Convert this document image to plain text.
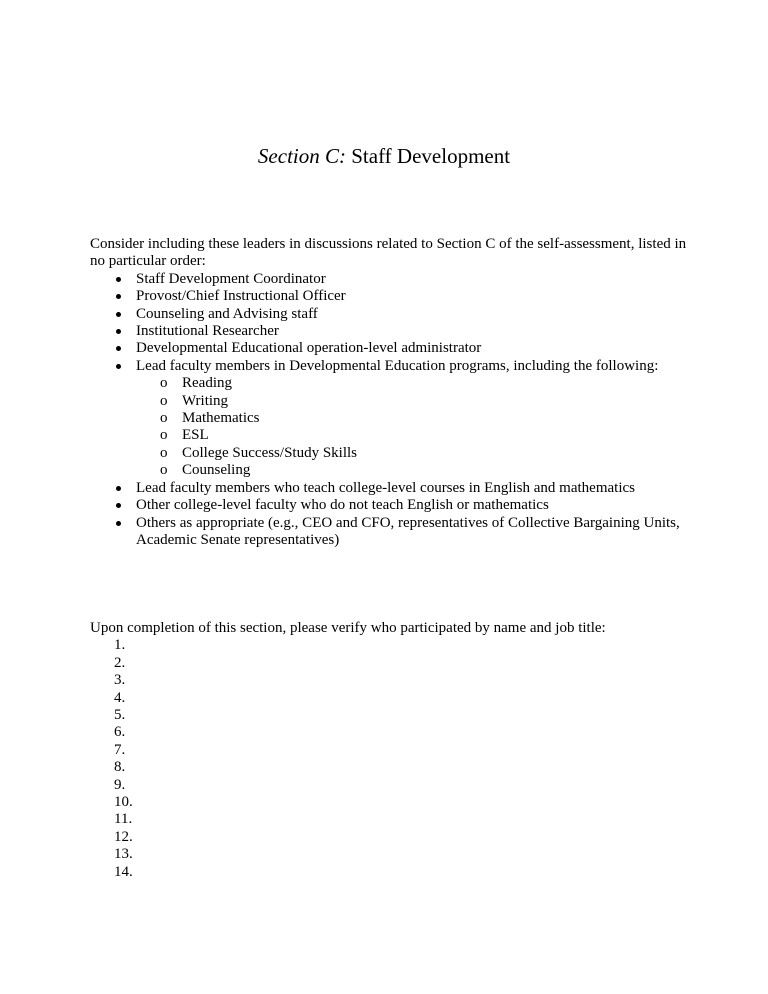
Section C: Staff Development
Consider including these leaders in discussions related to Section C of the self-assessment, listed in no particular order:
Staff Development Coordinator
Provost/Chief Instructional Officer
Counseling and Advising staff
Institutional Researcher
Developmental Educational operation-level administrator
Lead faculty members in Developmental Education programs, including the following:
o Reading
o Writing
o Mathematics
o ESL
o College Success/Study Skills
o Counseling
Lead faculty members who teach college-level courses in English and mathematics
Other college-level faculty who do not teach English or mathematics
Others as appropriate (e.g., CEO and CFO, representatives of Collective Bargaining Units, Academic Senate representatives)
Upon completion of this section, please verify who participated by name and job title:
1.
2.
3.
4.
5.
6.
7.
8.
9.
10.
11.
12.
13.
14.
